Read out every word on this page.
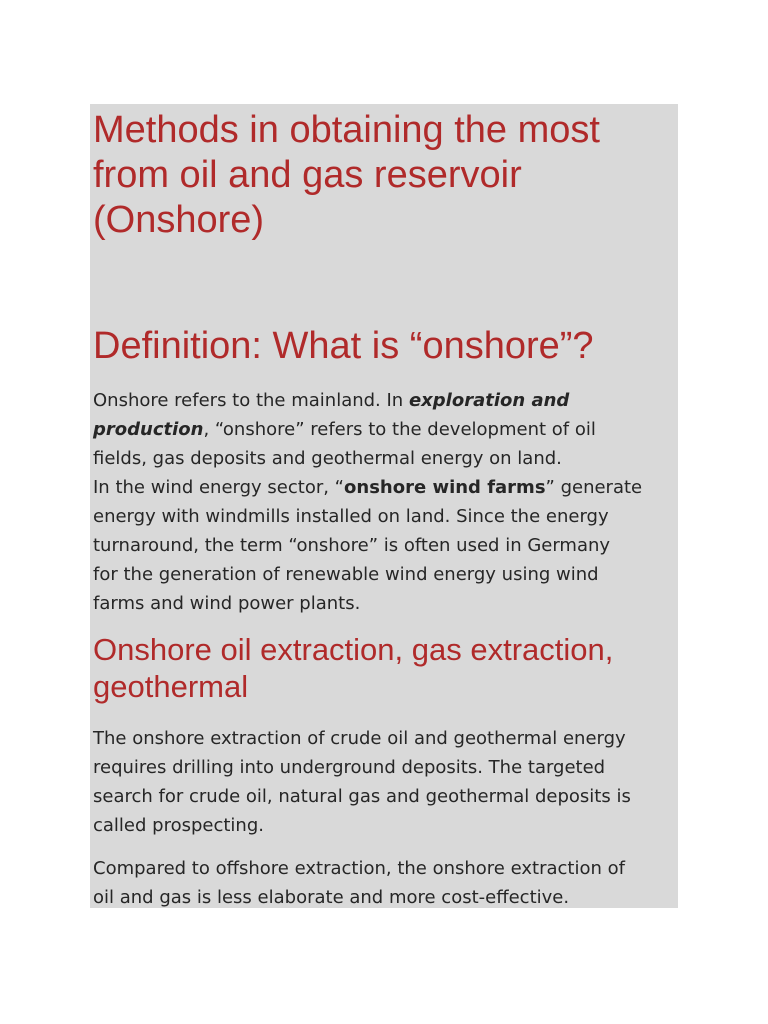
Methods in obtaining the most
from oil and gas reservoir
(Onshore)
Definition: What is “onshore”?

Onshore refers to the mainland. In exploration and
production, “onshore” refers to the development of oil
fields, gas deposits and geothermal energy on land.
In the wind energy sector, “onshore wind farms” generate
energy with windmills installed on land. Since the energy
turnaround, the term “onshore” is often used in Germany
for the generation of renewable wind energy using wind
farms and wind power plants.

Onshore oil extraction, gas extraction,
geothermal

The onshore extraction of crude oil and geothermal energy
requires drilling into underground deposits. The targeted
search for crude oil, natural gas and geothermal deposits is
called prospecting.

Compared to offshore extraction, the onshore extraction of
oil and gas is less elaborate and more cost-effective.
